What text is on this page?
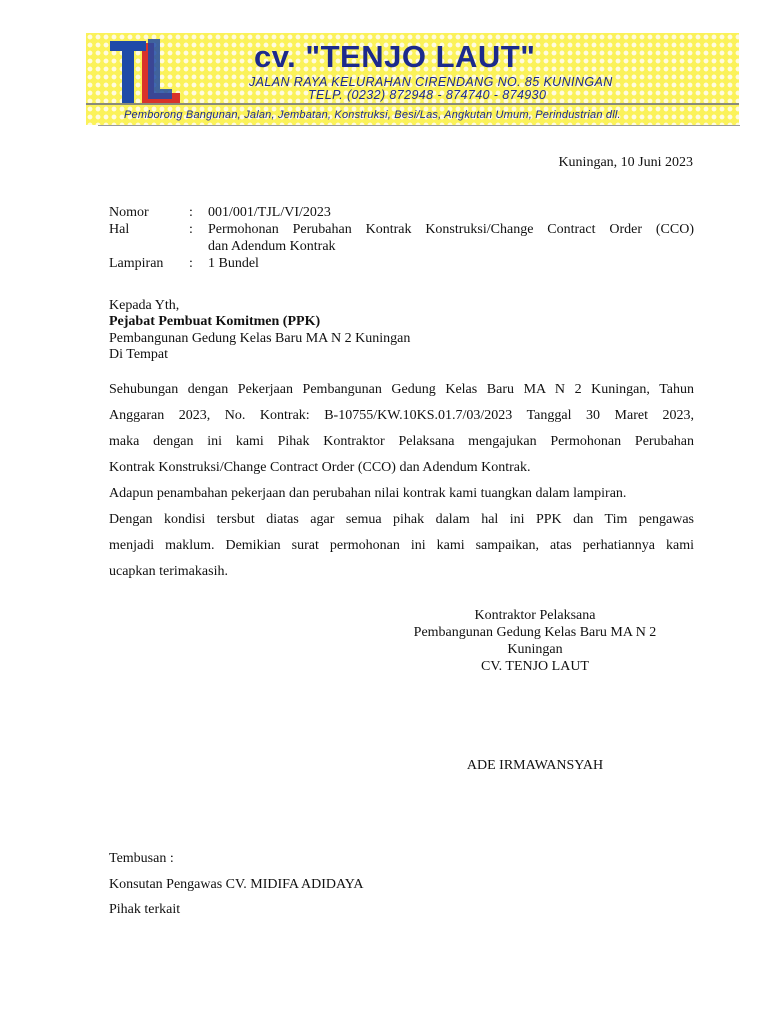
cv. "TENJO LAUT"
JALAN RAYA KELURAHAN CIRENDANG NO. 85 KUNINGAN
TELP. (0232) 872948 - 874740 - 874930
Pemborong Bangunan, Jalan, Jembatan, Konstruksi, Besi/Las, Angkutan Umum, Perindustrian dll.
Kuningan, 10 Juni 2023
Nomor	: 001/001/TJL/VI/2023
Hal	: Permohonan Perubahan Kontrak Konstruksi/Change Contract Order (CCO)
dan Adendum Kontrak
Lampiran : 1 Bundel
Kepada Yth,
Pejabat Pembuat Komitmen (PPK)
Pembangunan Gedung Kelas Baru MA N 2 Kuningan
Di Tempat
Sehubungan dengan Pekerjaan Pembangunan Gedung Kelas Baru MA N 2 Kuningan, Tahun
Anggaran 2023, No. Kontrak: B-10755/KW.10KS.01.7/03/2023 Tanggal 30 Maret 2023,
maka dengan ini kami Pihak Kontraktor Pelaksana mengajukan Permohonan Perubahan
Kontrak Konstruksi/Change Contract Order (CCO) dan Adendum Kontrak.
Adapun penambahan pekerjaan dan perubahan nilai kontrak kami tuangkan dalam lampiran.
Dengan kondisi tersbut diatas agar semua pihak dalam hal ini PPK dan Tim pengawas
menjadi maklum. Demikian surat permohonan ini kami sampaikan, atas perhatiannya kami
ucapkan terimakasih.
Kontraktor Pelaksana
Pembangunan Gedung Kelas Baru MA N 2
Kuningan
CV. TENJO LAUT
ADE IRMAWANSYAH
Tembusan :
Konsutan Pengawas CV. MIDIFA ADIDAYA
Pihak terkait
